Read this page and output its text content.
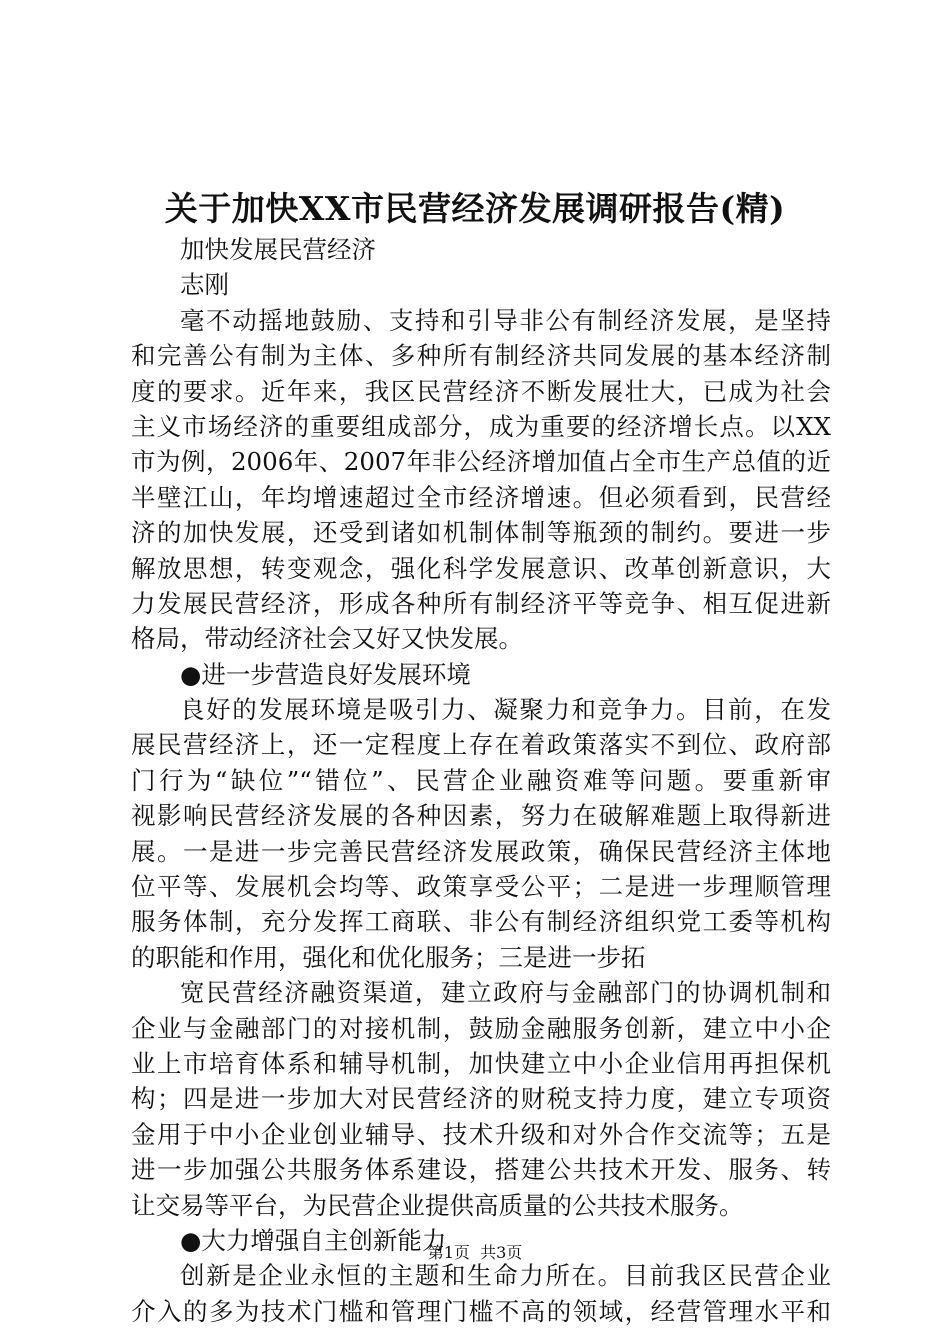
关于加快XX市民营经济发展调研报告(精)
加快发展民营经济
志刚
毫不动摇地鼓励、支持和引导非公有制经济发展，是坚持
和完善公有制为主体、多种所有制经济共同发展的基本经济制
度的要求。近年来，我区民营经济不断发展壮大，已成为社会
主义市场经济的重要组成部分，成为重要的经济增长点。以XX
市为例，2006年、2007年非公经济增加值占全市生产总值的近
半壁江山，年均增速超过全市经济增速。但必须看到，民营经
济的加快发展，还受到诸如机制体制等瓶颈的制约。要进一步
解放思想，转变观念，强化科学发展意识、改革创新意识，大
力发展民营经济，形成各种所有制经济平等竞争、相互促进新
格局，带动经济社会又好又快发展。
●进一步营造良好发展环境
良好的发展环境是吸引力、凝聚力和竞争力。目前，在发
展民营经济上，还一定程度上存在着政策落实不到位、政府部
门行为“缺位”“错位”、民营企业融资难等问题。要重新审
视影响民营经济发展的各种因素，努力在破解难题上取得新进
展。一是进一步完善民营经济发展政策，确保民营经济主体地
位平等、发展机会均等、政策享受公平；二是进一步理顺管理
服务体制，充分发挥工商联、非公有制经济组织党工委等机构
的职能和作用，强化和优化服务；三是进一步拓
宽民营经济融资渠道，建立政府与金融部门的协调机制和
企业与金融部门的对接机制，鼓励金融服务创新，建立中小企
业上市培育体系和辅导机制，加快建立中小企业信用再担保机
构；四是进一步加大对民营经济的财税支持力度，建立专项资
金用于中小企业创业辅导、技术升级和对外合作交流等；五是
进一步加强公共服务体系建设，搭建公共技术开发、服务、转
让交易等平台，为民营企业提供高质量的公共技术服务。
●大力增强自主创新能力
创新是企业永恒的主题和生命力所在。目前我区民营企业
介入的多为技术门槛和管理门槛不高的领域，经营管理水平和
第1页  共3页
